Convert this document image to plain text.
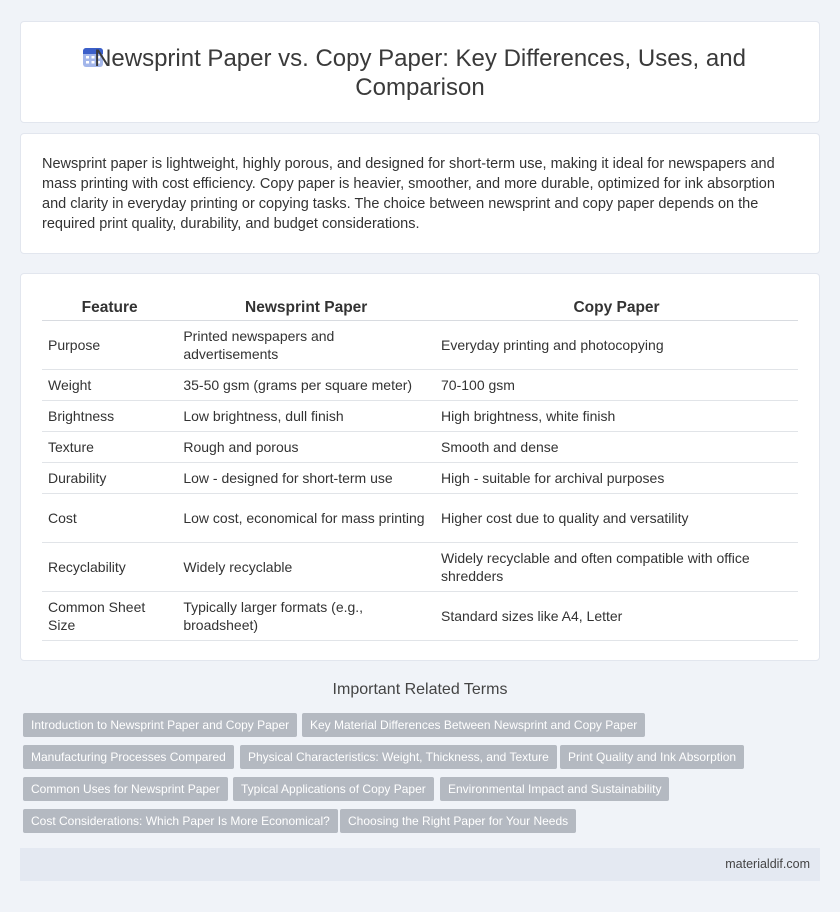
Newsprint Paper vs. Copy Paper: Key Differences, Uses, and Comparison

Newsprint paper is lightweight, highly porous, and designed for short-term use, making it ideal for newspapers and mass printing with cost efficiency. Copy paper is heavier, smoother, and more durable, optimized for ink absorption and clarity in everyday printing or copying tasks. The choice between newsprint and copy paper depends on the required print quality, durability, and budget considerations.

Feature	Newsprint Paper	Copy Paper
Purpose	Printed newspapers and advertisements	Everyday printing and photocopying
Weight	35-50 gsm (grams per square meter)	70-100 gsm
Brightness	Low brightness, dull finish	High brightness, white finish
Texture	Rough and porous	Smooth and dense
Durability	Low - designed for short-term use	High - suitable for archival purposes
Cost	Low cost, economical for mass printing	Higher cost due to quality and versatility
Recyclability	Widely recyclable	Widely recyclable and often compatible with office shredders
Common Sheet Size	Typically larger formats (e.g., broadsheet)	Standard sizes like A4, Letter
Important Related Terms
Introduction to Newsprint Paper and Copy Paper	Key Material Differences Between Newsprint and Copy Paper
Manufacturing Processes Compared	Physical Characteristics: Weight, Thickness, and Texture	Print Quality and Ink Absorption
Common Uses for Newsprint Paper	Typical Applications of Copy Paper	Environmental Impact and Sustainability
Cost Considerations: Which Paper Is More Economical?	Choosing the Right Paper for Your Needs
materialdif.com
